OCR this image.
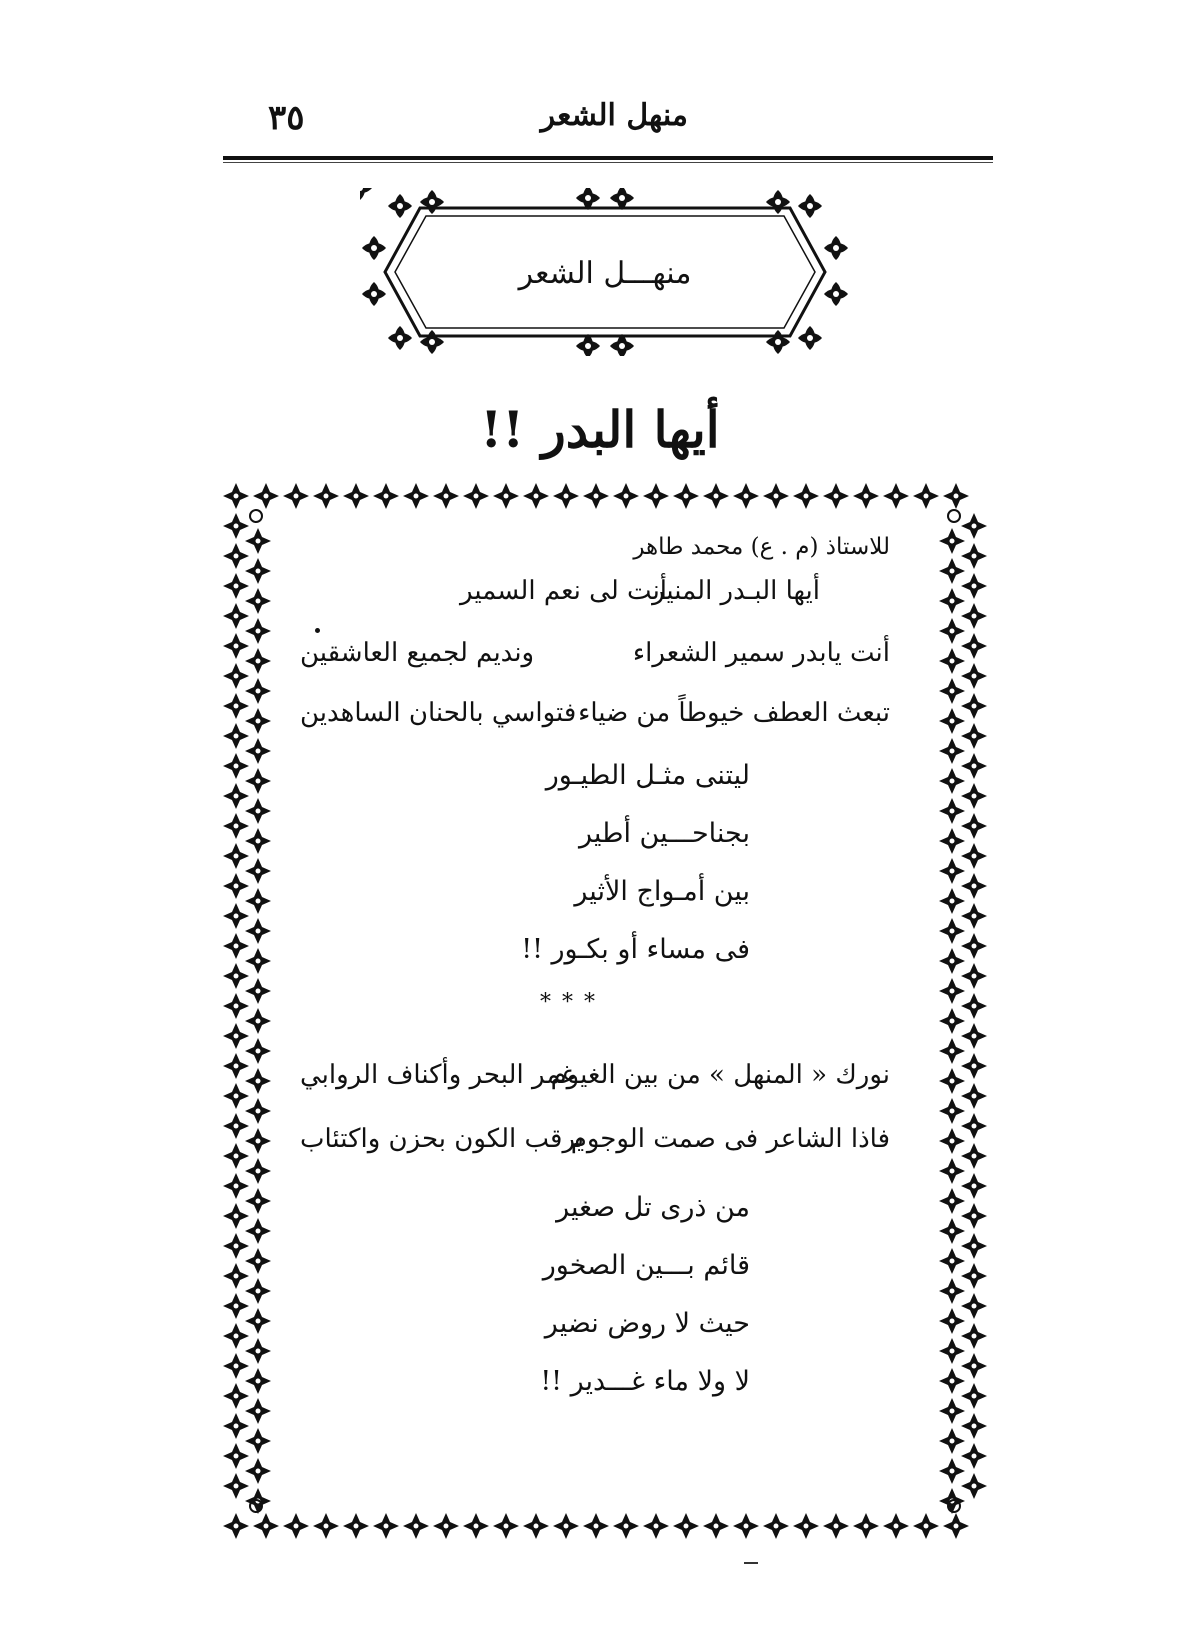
٣٥	منهل الشعر
منهـــل الشعر
أيها البدر !!
للاستاذ (م . ع) محمد طاهر
أيها البـدر المنير
أنت لى نعم السمير
أنت يابدر سمير الشعراء
ونديم لجميع العاشقين
تبعث العطف خيوطاً من ضياء
فتواسي بالحنان الساهدين
ليتنى مثـل الطيـور
بجناحـــين أطير
بين أمـواج الأثير
فى مساء أو بكـور !!
* * *
نورك « المنهل » من بين الغيوم
غمر البحر وأكناف الروابي
فاذا الشاعر فى صمت الوجوم
يرقب الكون بحزن واكتئاب
من ذرى تل صغير
قائم بـــين الصخور
حيث لا روض نضير
لا ولا ماء غـــدير !!
